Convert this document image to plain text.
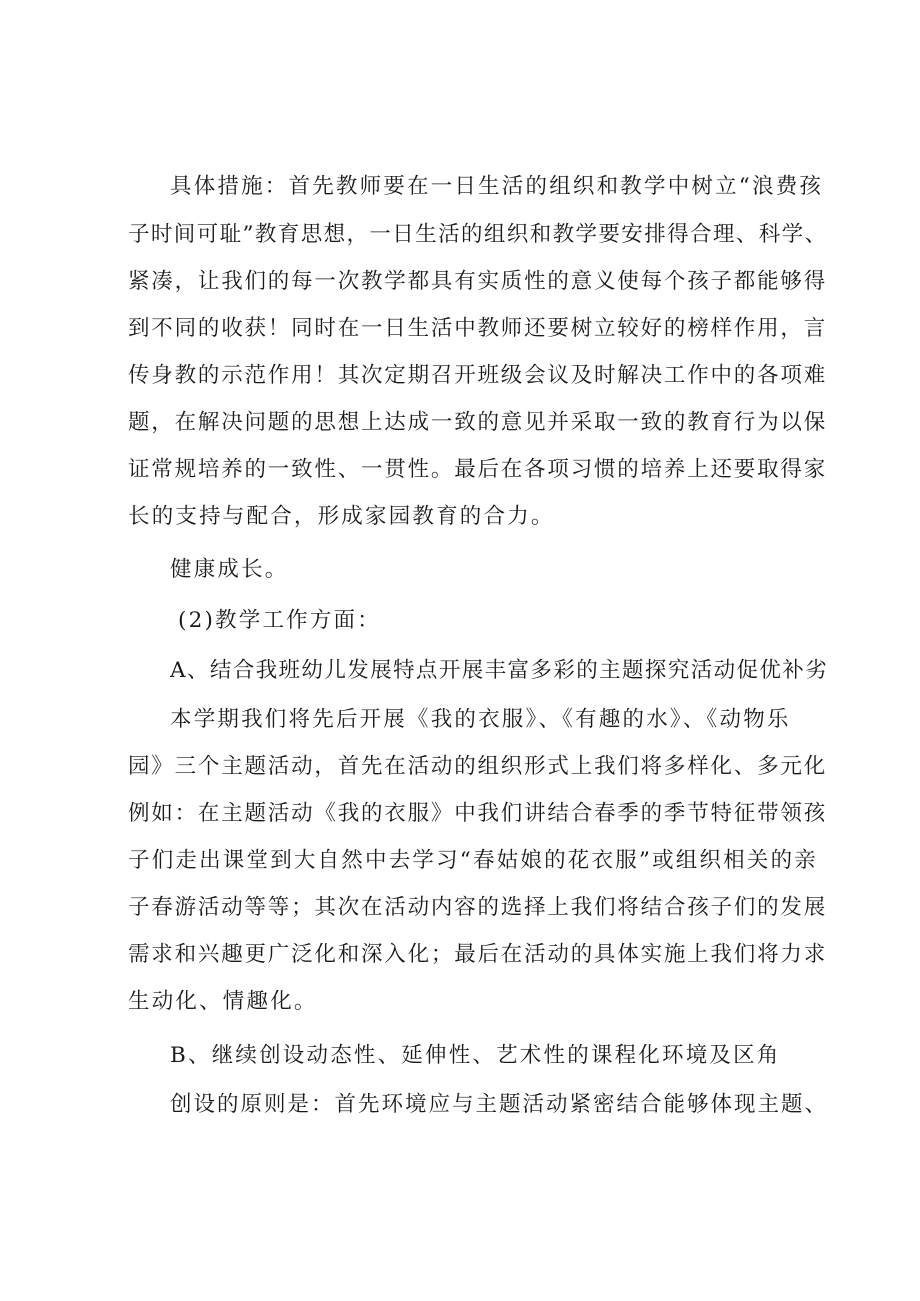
具体措施：首先教师要在一日生活的组织和教学中树立“浪费孩
子时间可耻”教育思想，一日生活的组织和教学要安排得合理、科学、
紧凑，让我们的每一次教学都具有实质性的意义使每个孩子都能够得
到不同的收获！同时在一日生活中教师还要树立较好的榜样作用，言
传身教的示范作用！其次定期召开班级会议及时解决工作中的各项难
题，在解决问题的思想上达成一致的意见并采取一致的教育行为以保
证常规培养的一致性、一贯性。最后在各项习惯的培养上还要取得家
长的支持与配合，形成家园教育的合力。
健康成长。
(2)教学工作方面：
A、结合我班幼儿发展特点开展丰富多彩的主题探究活动促优补劣
本学期我们将先后开展《我的衣服》、《有趣的水》、《动物乐
园》三个主题活动，首先在活动的组织形式上我们将多样化、多元化
例如：在主题活动《我的衣服》中我们讲结合春季的季节特征带领孩
子们走出课堂到大自然中去学习“春姑娘的花衣服”或组织相关的亲
子春游活动等等；其次在活动内容的选择上我们将结合孩子们的发展
需求和兴趣更广泛化和深入化；最后在活动的具体实施上我们将力求
生动化、情趣化。
B、继续创设动态性、延伸性、艺术性的课程化环境及区角
创设的原则是：首先环境应与主题活动紧密结合能够体现主题、
